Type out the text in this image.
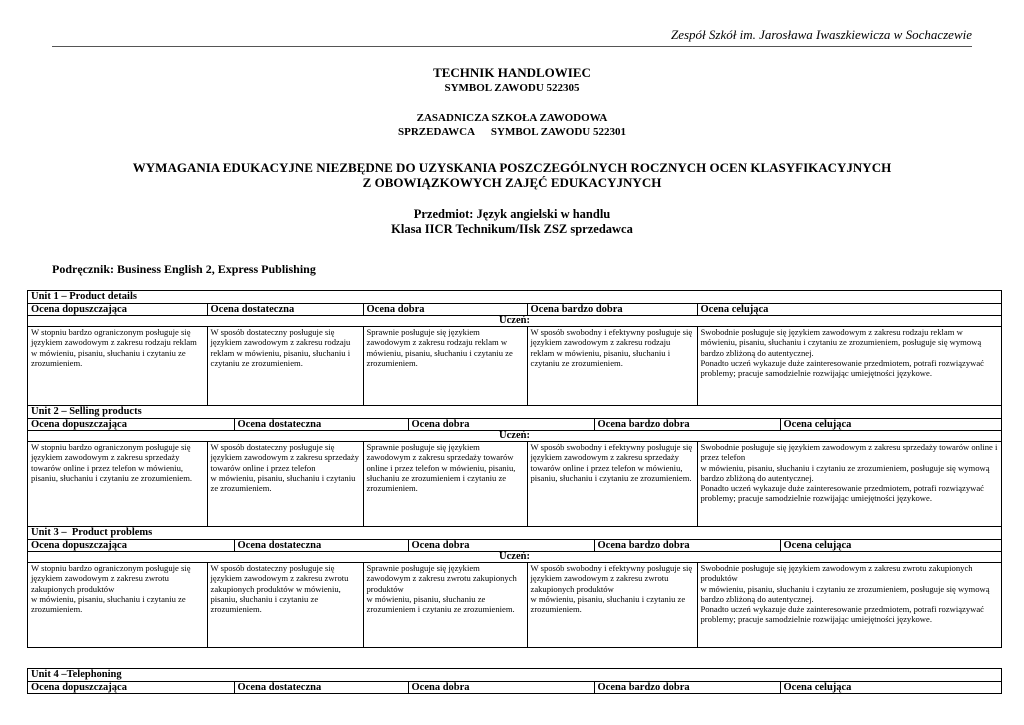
Zespół Szkół im. Jarosława Iwaszkiewicza w Sochaczewie
TECHNIK HANDLOWIEC
SYMBOL ZAWODU 522305
ZASADNICZA SZKOŁA ZAWODOWA
SPRZEDAWCA      SYMBOL ZAWODU 522301
WYMAGANIA EDUKACYJNE NIEZBĘDNE DO UZYSKANIA POSZCZEGÓLNYCH ROCZNYCH OCEN KLASYFIKACYJNYCH
Z OBOWIĄZKOWYCH ZAJĘĆ EDUKACYJNYCH
Przedmiot: Język angielski w handlu
Klasa IICR Technikum/IIsk ZSZ sprzedawca
Podręcznik: Business English 2, Express Publishing
Unit 1 – Product details

Ocena dopuszczająca	Ocena dostateczna	Ocena dobra	Ocena bardzo dobra	Ocena celująca

Uczeń:

W stopniu bardzo ograniczonym posługuje się językiem zawodowym z zakresu rodzaju reklam w mówieniu, pisaniu, słuchaniu i czytaniu ze zrozumieniem.	W sposób dostateczny posługuje się językiem zawodowym z zakresu rodzaju reklam w mówieniu, pisaniu, słuchaniu i czytaniu ze zrozumieniem.	Sprawnie posługuje się językiem zawodowym z zakresu rodzaju reklam w mówieniu, pisaniu, słuchaniu i czytaniu ze zrozumieniem.	W sposób swobodny i efektywny posługuje się językiem zawodowym z zakresu rodzaju reklam w mówieniu, pisaniu, słuchaniu i czytaniu ze zrozumieniem.	Swobodnie posługuje się językiem zawodowym z zakresu rodzaju reklam w mówieniu, pisaniu, słuchaniu i czytaniu ze zrozumieniem, posługuje się wymową bardzo zbliżoną do autentycznej.
Ponadto uczeń wykazuje duże zainteresowanie przedmiotem, potrafi rozwiązywać problemy; pracuje samodzielnie rozwijając umiejętności językowe.

Unit 2 – Selling products

Ocena dopuszczająca	Ocena dostateczna	Ocena dobra	Ocena bardzo dobra	Ocena celująca

Uczeń:

W stopniu bardzo ograniczonym posługuje się językiem zawodowym z zakresu sprzedaży towarów online i przez telefon w mówieniu, pisaniu, słuchaniu i czytaniu ze zrozumieniem.	W sposób dostateczny posługuje się językiem zawodowym z zakresu sprzedaży towarów online i przez telefon
w mówieniu, pisaniu, słuchaniu i czytaniu ze zrozumieniem.	Sprawnie posługuje się językiem zawodowym z zakresu sprzedaży towarów online i przez telefon w mówieniu, pisaniu, słuchaniu ze zrozumieniem i czytaniu ze zrozumieniem.	W sposób swobodny i efektywny posługuje się językiem zawodowym z zakresu sprzedaży towarów online i przez telefon w mówieniu, pisaniu, słuchaniu i czytaniu ze zrozumieniem.	Swobodnie posługuje się językiem zawodowym z zakresu sprzedaży towarów online i przez telefon
w mówieniu, pisaniu, słuchaniu i czytaniu ze zrozumieniem, posługuje się wymową bardzo zbliżoną do autentycznej.
Ponadto uczeń wykazuje duże zainteresowanie przedmiotem, potrafi rozwiązywać problemy; pracuje samodzielnie rozwijając umiejętności językowe.

Unit 3 –  Product problems

Ocena dopuszczająca	Ocena dostateczna	Ocena dobra	Ocena bardzo dobra	Ocena celująca

Uczeń:

W stopniu bardzo ograniczonym posługuje się językiem zawodowym z zakresu zwrotu zakupionych produktów
w mówieniu, pisaniu, słuchaniu i czytaniu ze zrozumieniem.	W sposób dostateczny posługuje się językiem zawodowym z zakresu zwrotu zakupionych produktów w mówieniu, pisaniu, słuchaniu i czytaniu ze zrozumieniem.	Sprawnie posługuje się językiem zawodowym z zakresu zwrotu zakupionych produktów
w mówieniu, pisaniu, słuchaniu ze zrozumieniem i czytaniu ze zrozumieniem.	W sposób swobodny i efektywny posługuje się językiem zawodowym z zakresu zwrotu zakupionych produktów
w mówieniu, pisaniu, słuchaniu i czytaniu ze zrozumieniem.	Swobodnie posługuje się językiem zawodowym z zakresu zwrotu zakupionych produktów
w mówieniu, pisaniu, słuchaniu i czytaniu ze zrozumieniem, posługuje się wymową bardzo zbliżoną do autentycznej.
Ponadto uczeń wykazuje duże zainteresowanie przedmiotem, potrafi rozwiązywać problemy; pracuje samodzielnie rozwijając umiejętności językowe.

Unit 4 –Telephoning

Ocena dopuszczająca	Ocena dostateczna	Ocena dobra	Ocena bardzo dobra	Ocena celująca
